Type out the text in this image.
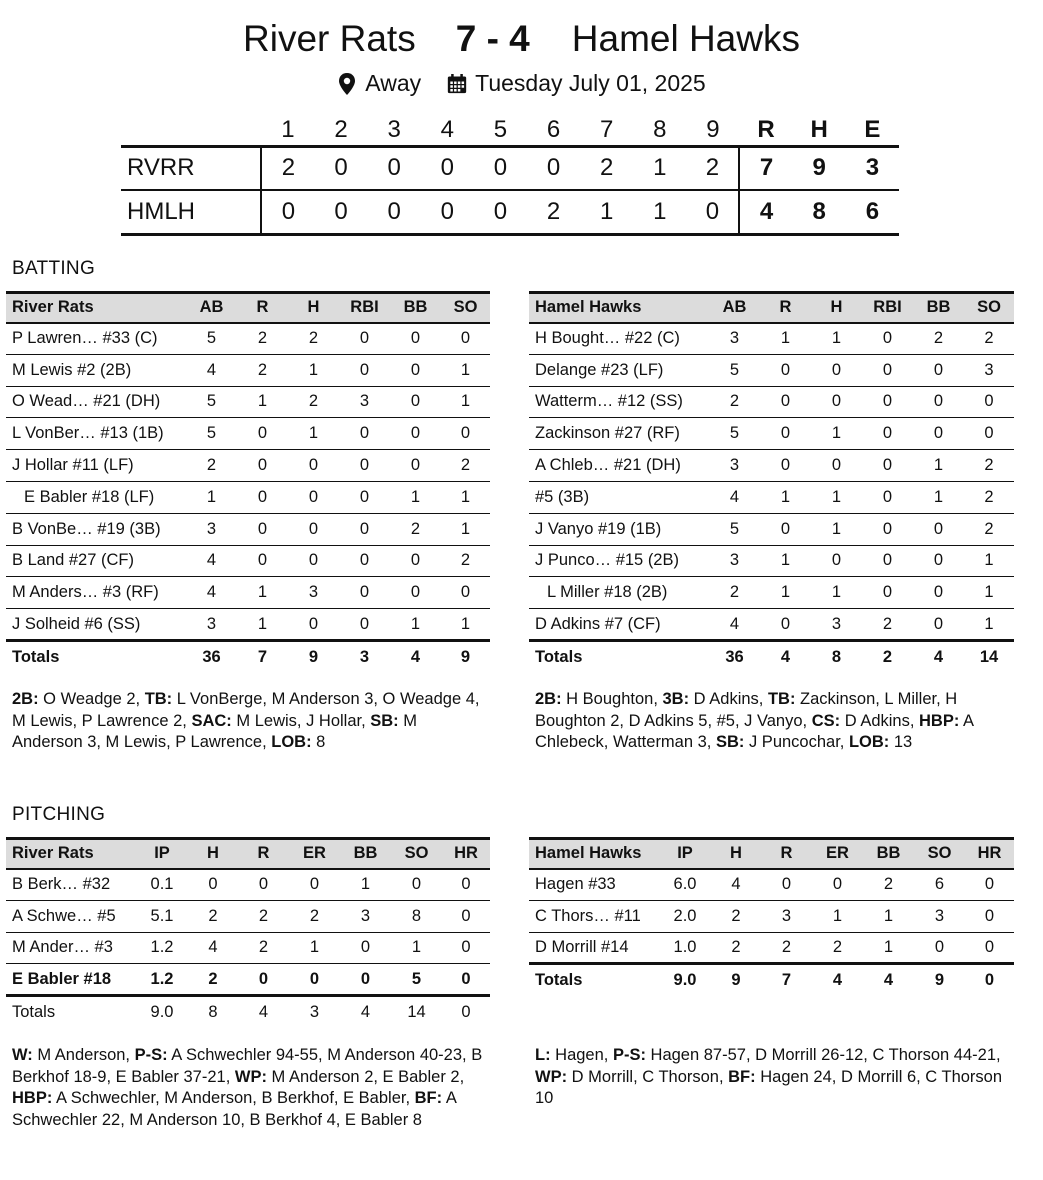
River Rats 7 - 4 Hamel Hawks
Away Tuesday July 01, 2025
	1	2	3	4	5	6	7	8	9	R	H	E
RVRR	2	0	0	0	0	0	2	1	2	7	9	3
HMLH	0	0	0	0	0	2	1	1	0	4	8	6
BATTING
River Rats	AB	R	H	RBI	BB	SO
P Lawren… #33 (C)	5	2	2	0	0	0
M Lewis #2 (2B)	4	2	1	0	0	1
O Wead… #21 (DH)	5	1	2	3	0	1
L VonBer… #13 (1B)	5	0	1	0	0	0
J Hollar #11 (LF)	2	0	0	0	0	2
E Babler #18 (LF)	1	0	0	0	1	1
B VonBe… #19 (3B)	3	0	0	0	2	1
B Land #27 (CF)	4	0	0	0	0	2
M Anders… #3 (RF)	4	1	3	0	0	0
J Solheid #6 (SS)	3	1	0	0	1	1
Totals	36	7	9	3	4	9
Hamel Hawks	AB	R	H	RBI	BB	SO
H Bought… #22 (C)	3	1	1	0	2	2
Delange #23 (LF)	5	0	0	0	0	3
Watterm… #12 (SS)	2	0	0	0	0	0
Zackinson #27 (RF)	5	0	1	0	0	0
A Chleb… #21 (DH)	3	0	0	0	1	2
#5 (3B)	4	1	1	0	1	2
J Vanyo #19 (1B)	5	0	1	0	0	2
J Punco… #15 (2B)	3	1	0	0	0	1
L Miller #18 (2B)	2	1	1	0	0	1
D Adkins #7 (CF)	4	0	3	2	0	1
Totals	36	4	8	2	4	14
2B: O Weadge 2, TB: L VonBerge, M Anderson 3, O Weadge 4, M Lewis, P Lawrence 2, SAC: M Lewis, J Hollar, SB: M Anderson 3, M Lewis, P Lawrence, LOB: 8
2B: H Boughton, 3B: D Adkins, TB: Zackinson, L Miller, H Boughton 2, D Adkins 5, #5, J Vanyo, CS: D Adkins, HBP: A Chlebeck, Watterman 3, SB: J Puncochar, LOB: 13
PITCHING
River Rats	IP	H	R	ER	BB	SO	HR
B Berk… #32	0.1	0	0	0	1	0	0
A Schwe… #5	5.1	2	2	2	3	8	0
M Ander… #3	1.2	4	2	1	0	1	0
E Babler #18	1.2	2	0	0	0	5	0
Totals	9.0	8	4	3	4	14	0
Hamel Hawks	IP	H	R	ER	BB	SO	HR
Hagen #33	6.0	4	0	0	2	6	0
C Thors… #11	2.0	2	3	1	1	3	0
D Morrill #14	1.0	2	2	2	1	0	0
Totals	9.0	9	7	4	4	9	0
W: M Anderson, P-S: A Schwechler 94-55, M Anderson 40-23, B Berkhof 18-9, E Babler 37-21, WP: M Anderson 2, E Babler 2, HBP: A Schwechler, M Anderson, B Berkhof, E Babler, BF: A Schwechler 22, M Anderson 10, B Berkhof 4, E Babler 8
L: Hagen, P-S: Hagen 87-57, D Morrill 26-12, C Thorson 44-21, WP: D Morrill, C Thorson, BF: Hagen 24, D Morrill 6, C Thorson 10
